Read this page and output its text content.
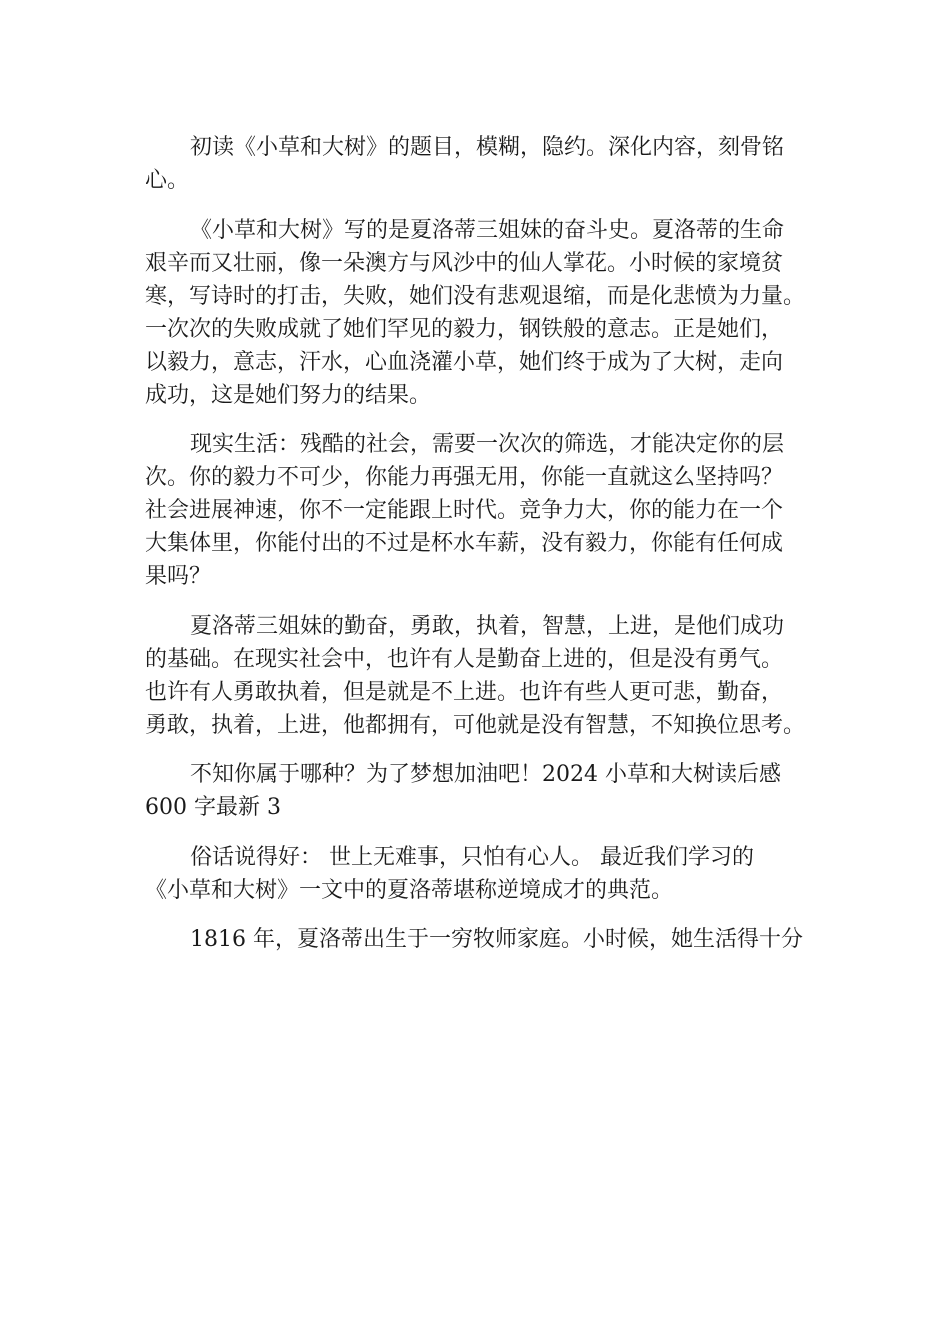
初读《小草和大树》的题目，模糊，隐约。深化内容，刻骨铭

心。

《小草和大树》写的是夏洛蒂三姐妹的奋斗史。夏洛蒂的生命

艰辛而又壮丽，像一朵澳方与风沙中的仙人掌花。小时候的家境贫

寒，写诗时的打击，失败，她们没有悲观退缩，而是化悲愤为力量。

一次次的失败成就了她们罕见的毅力，钢铁般的意志。正是她们，

以毅力，意志，汗水，心血浇灌小草，她们终于成为了大树，走向

成功，这是她们努力的结果。

现实生活：残酷的社会，需要一次次的筛选，才能决定你的层

次。你的毅力不可少，你能力再强无用，你能一直就这么坚持吗？

社会进展神速，你不一定能跟上时代。竞争力大，你的能力在一个

大集体里，你能付出的不过是杯水车薪，没有毅力，你能有任何成

果吗？

夏洛蒂三姐妹的勤奋，勇敢，执着，智慧，上进，是他们成功

的基础。在现实社会中，也许有人是勤奋上进的，但是没有勇气。

也许有人勇敢执着，但是就是不上进。也许有些人更可悲，勤奋，

勇敢，执着，上进，他都拥有，可他就是没有智慧，不知换位思考。

不知你属于哪种？为了梦想加油吧！2024 小草和大树读后感

600 字最新 3

俗话说得好： 世上无难事，只怕有心人。 最近我们学习的

《小草和大树》一文中的夏洛蒂堪称逆境成才的典范。

1816 年，夏洛蒂出生于一穷牧师家庭。小时候，她生活得十分
